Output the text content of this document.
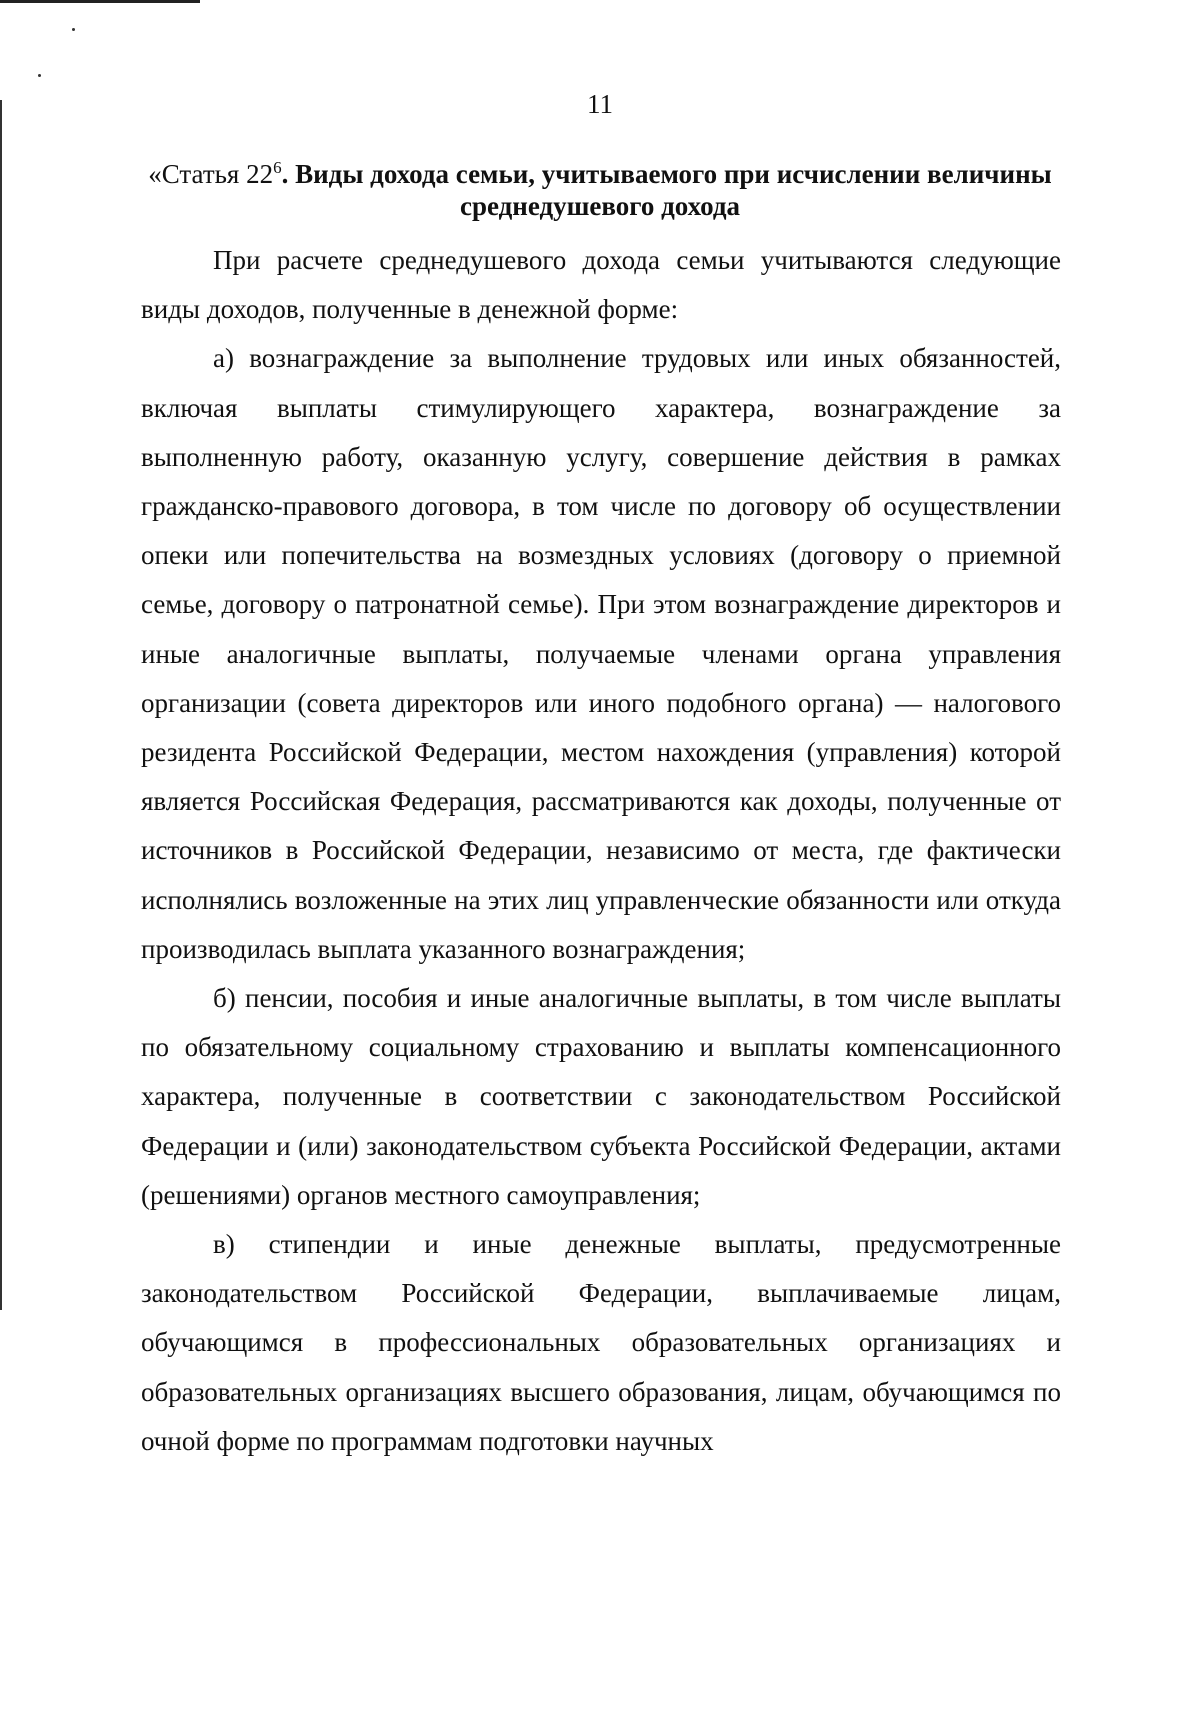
11
«Статья $22^6$. Виды дохода семьи, учитываемого при исчислении величины среднедушевого дохода

При расчете среднедушевого дохода семьи учитываются следующие виды доходов, полученные в денежной форме:

а) вознаграждение за выполнение трудовых или иных обязанностей, включая выплаты стимулирующего характера, вознаграждение за выполненную работу, оказанную услугу, совершение действия в рамках гражданско-правового договора, в том числе по договору об осуществлении опеки или попечительства на возмездных условиях (договору о приемной семье, договору о патронатной семье). При этом вознаграждение директоров и иные аналогичные выплаты, получаемые членами органа управления организации (совета директоров или иного подобного органа) — налогового резидента Российской Федерации, местом нахождения (управления) которой является Российская Федерация, рассматриваются как доходы, полученные от источников в Российской Федерации, независимо от места, где фактически исполнялись возложенные на этих лиц управленческие обязанности или откуда производилась выплата указанного вознаграждения;

б) пенсии, пособия и иные аналогичные выплаты, в том числе выплаты по обязательному социальному страхованию и выплаты компенсационного характера, полученные в соответствии с законодательством Российской Федерации и (или) законодательством субъекта Российской Федерации, актами (решениями) органов местного самоуправления;

в) стипендии и иные денежные выплаты, предусмотренные законодательством Российской Федерации, выплачиваемые лицам, обучающимся в профессиональных образовательных организациях и образовательных организациях высшего образования, лицам, обучающимся по очной форме по программам подготовки научных
